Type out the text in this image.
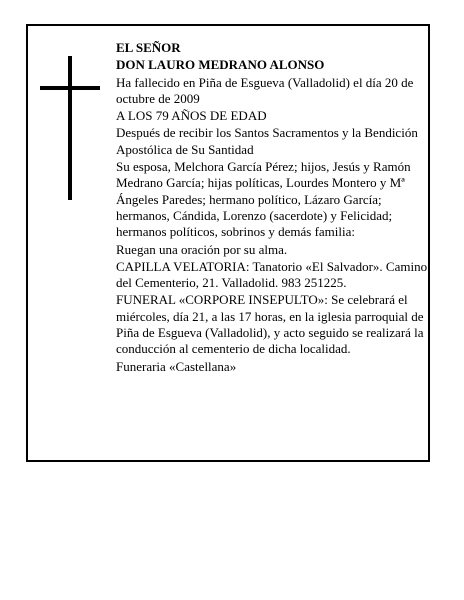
EL SEÑOR
DON LAURO MEDRANO ALONSO
Ha fallecido en Piña de Esgueva (Valladolid) el día 20 de octubre de 2009
A LOS 79 AÑOS DE EDAD
Después de recibir los Santos Sacramentos y la Bendición Apostólica de Su Santidad
Su esposa, Melchora García Pérez; hijos, Jesús y Ramón Medrano García; hijas políticas, Lourdes Montero y Mª Ángeles Paredes; hermano político, Lázaro García; hermanos, Cándida, Lorenzo (sacerdote) y Felicidad; hermanos políticos, sobrinos y demás familia:
Ruegan una oración por su alma.
CAPILLA VELATORIA: Tanatorio «El Salvador». Camino del Cementerio, 21. Valladolid. 983 251225.
FUNERAL «CORPORE INSEPULTO»: Se celebrará el miércoles, día 21, a las 17 horas, en la iglesia parroquial de Piña de Esgueva (Valladolid), y acto seguido se realizará la conducción al cementerio de dicha localidad.
Funeraria «Castellana»
